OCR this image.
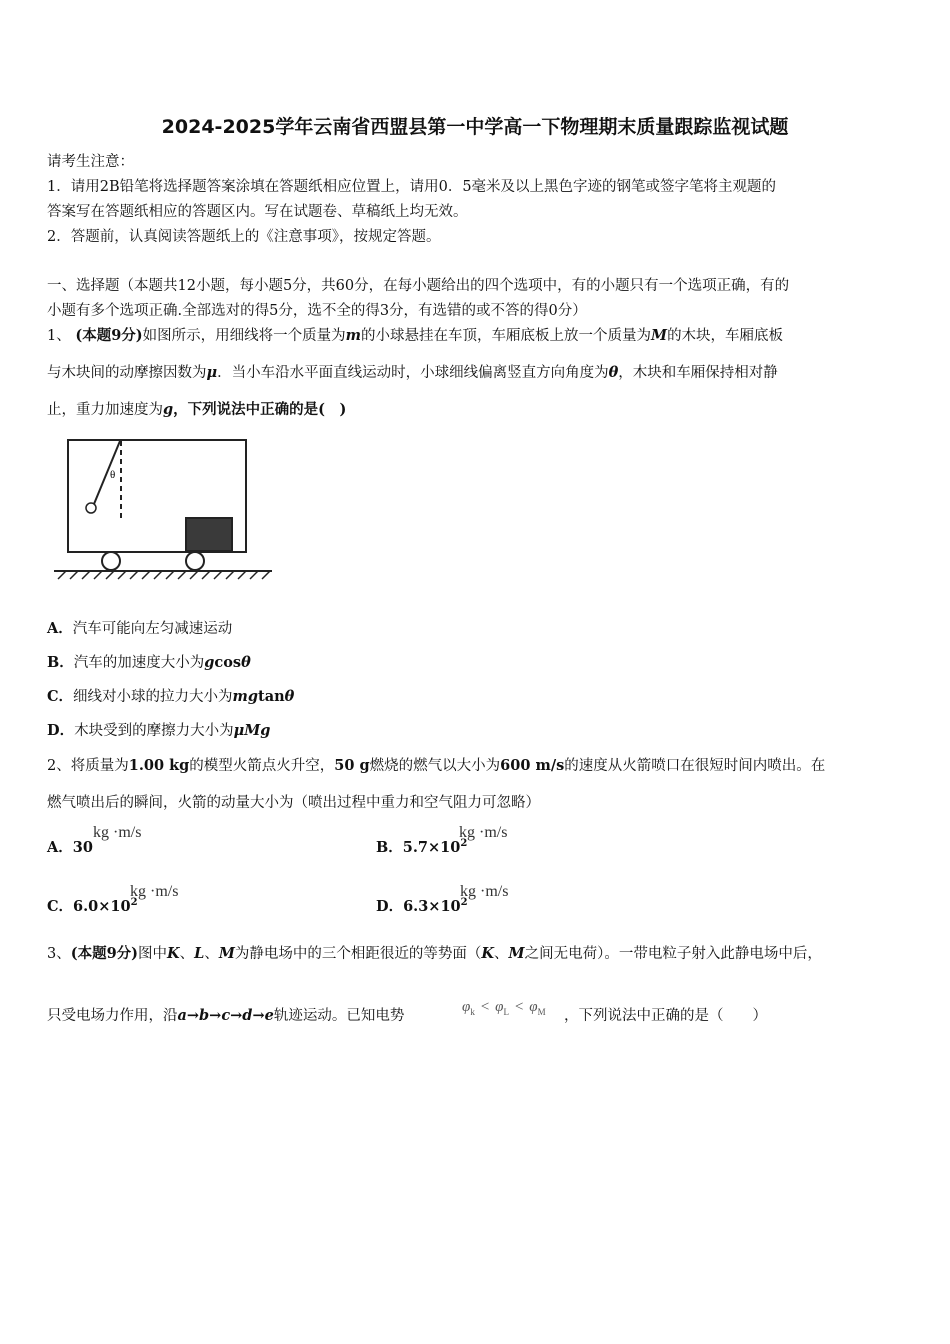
2024-2025学年云南省西盟县第一中学高一下物理期末质量跟踪监视试题
请考生注意：
1．请用2B铅笔将选择题答案涂填在答题纸相应位置上，请用0．5毫米及以上黑色字迹的钢笔或签字笔将主观题的
答案写在答题纸相应的答题区内。写在试题卷、草稿纸上均无效。
2．答题前，认真阅读答题纸上的《注意事项》，按规定答题。
一、选择题（本题共12小题，每小题5分，共60分，在每小题给出的四个选项中，有的小题只有一个选项正确，有的
小题有多个选项正确.全部选对的得5分，选不全的得3分，有选错的或不答的得0分）
1、 (本题9分)如图所示，用细线将一个质量为m的小球悬挂在车顶，车厢底板上放一个质量为M的木块，车厢底板
与木块间的动摩擦因数为μ．当小车沿水平面直线运动时，小球细线偏离竖直方向角度为θ，木块和车厢保持相对静
止，重力加速度为g，下列说法中正确的是(　)
θ
A．汽车可能向左匀减速运动
B．汽车的加速度大小为gcosθ
C．细线对小球的拉力大小为mgtanθ
D．木块受到的摩擦力大小为μMg
2、将质量为1.00 kg的模型火箭点火升空，50 g燃烧的燃气以大小为600 m/s的速度从火箭喷口在很短时间内喷出。在
燃气喷出后的瞬间，火箭的动量大小为（喷出过程中重力和空气阻力可忽略）
A．30
kg ·m/s
B．$5.7\times 10^2$
kg ·m/s
C．$6.0\times 10^2$
kg ·m/s
D．$6.3\times 10^2$
kg ·m/s
3、(本题9分)图中K、L、M为静电场中的三个相距很近的等势面（K、M之间无电荷）。一带电粒子射入此静电场中后，
只受电场力作用，沿a→b→c→d→e轨迹运动。已知电势
$\varphi_k < \varphi_L < \varphi_M$ ，下列说法中正确的是（　　）
